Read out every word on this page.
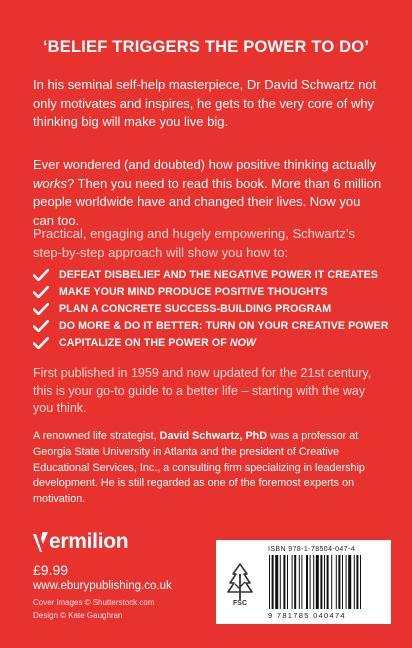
‘BELIEF TRIGGERS THE POWER TO DO’

In his seminal self-help masterpiece, Dr David Schwartz not only motivates and inspires, he gets to the very core of why thinking big will make you live big.

Ever wondered (and doubted) how positive thinking actually works? Then you need to read this book. More than 6 million people worldwide have and changed their lives. Now you can too.

Practical, engaging and hugely empowering, Schwartz’s step-by-step approach will show you how to:

DEFEAT DISBELIEF AND THE NEGATIVE POWER IT CREATES
MAKE YOUR MIND PRODUCE POSITIVE THOUGHTS
PLAN A CONCRETE SUCCESS-BUILDING PROGRAM
DO MORE & DO IT BETTER: TURN ON YOUR CREATIVE POWER
CAPITALIZE ON THE POWER OF NOW

First published in 1959 and now updated for the 21st century, this is your go-to guide to a better life – starting with the way you think.

A renowned life strategist, David Schwartz, PhD was a professor at Georgia State University in Atlanta and the president of Creative Educational Services, Inc., a consulting firm specializing in leadership development. He is still regarded as one of the foremost experts on motivation.

ermilion
£9.99
www.eburypublishing.co.uk
Cover images © Shutterstock.com
Design © Kate Gaughran
FSC
ISBN 978-1-78504-047-4
9 781785 040474
